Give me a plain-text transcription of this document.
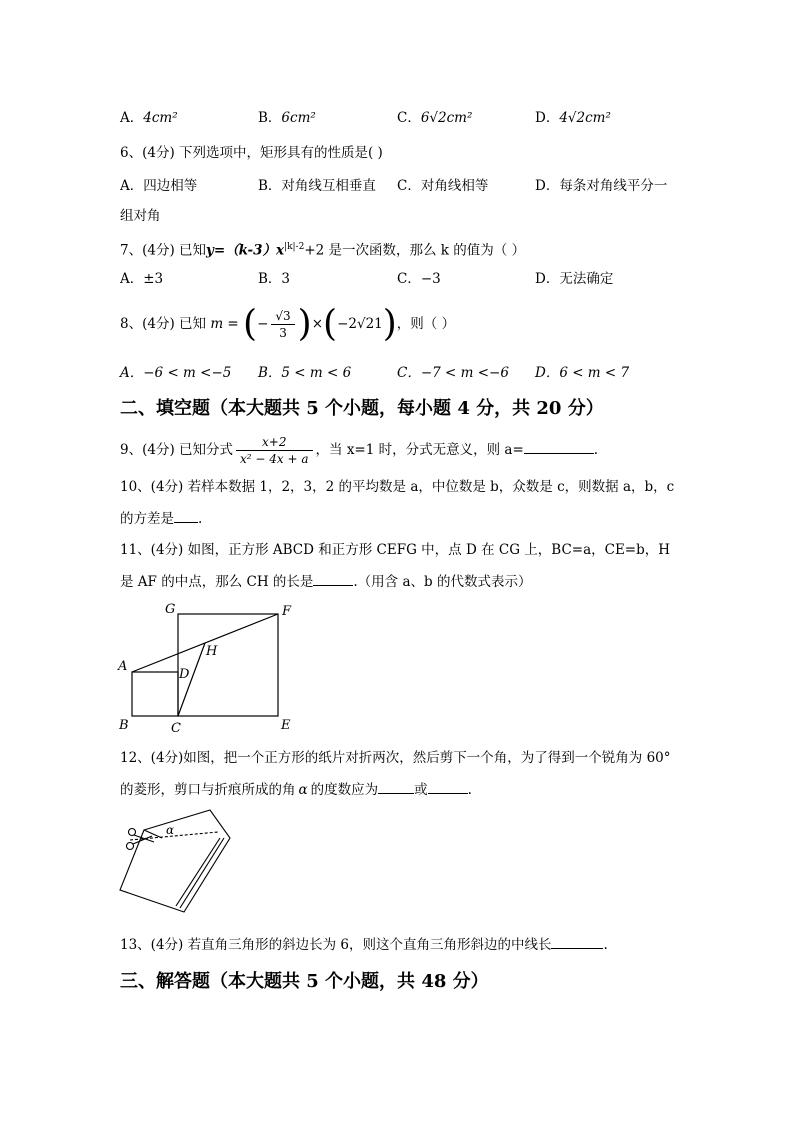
A．4cm²	B．6cm²	C．6√2cm²	D．4√2cm²
6、(4分) 下列选项中，矩形具有的性质是( )
A．四边相等	B．对角线互相垂直 C．对角线相等	D．每条对角线平分一
组对角
7、(4分) 已知$y=(k-3)x^{|k|-2}+2$ 是一次函数，那么 k 的值为（ ）
A．±3	B．3	C．−3	D．无法确定
8、(4分) 已知 m = (− $\frac{√3}{3} )\times(-2√21)$，则（ ）
A．−6 < m <−5 B．5 < m < 6	C．−7 < m <−6 D．6 < m < 7
二、填空题（本大题共 5 个小题，每小题 4 分，共 20 分）
9、(4分) 已知分式 $\frac{x+2}{\text{x² − 4x + a}}$ ，当 x=1 时，分式无意义，则 a=	.
10、(4分) 若样本数据 1，2，3，2 的平均数是 a，中位数是 b，众数是 c，则数据 a，b，c
的方差是 .
11、(4分) 如图，正方形 ABCD 和正方形 CEFG 中，点 D 在 CG 上，BC=a，CE=b，H
是 AF 的中点，那么 CH 的长是	.（用含 a、b 的代数式表示）
G	F
H
A
D
B	C	E
12、(4分)如图，把一个正方形的纸片对折两次，然后剪下一个角，为了得到一个锐角为 60°
的菱形，剪口与折痕所成的角 α 的度数应为	或	.
α
13、(4分) 若直角三角形的斜边长为 6，则这个直角三角形斜边的中线长	.
三、解答题（本大题共 5 个小题，共 48 分）
